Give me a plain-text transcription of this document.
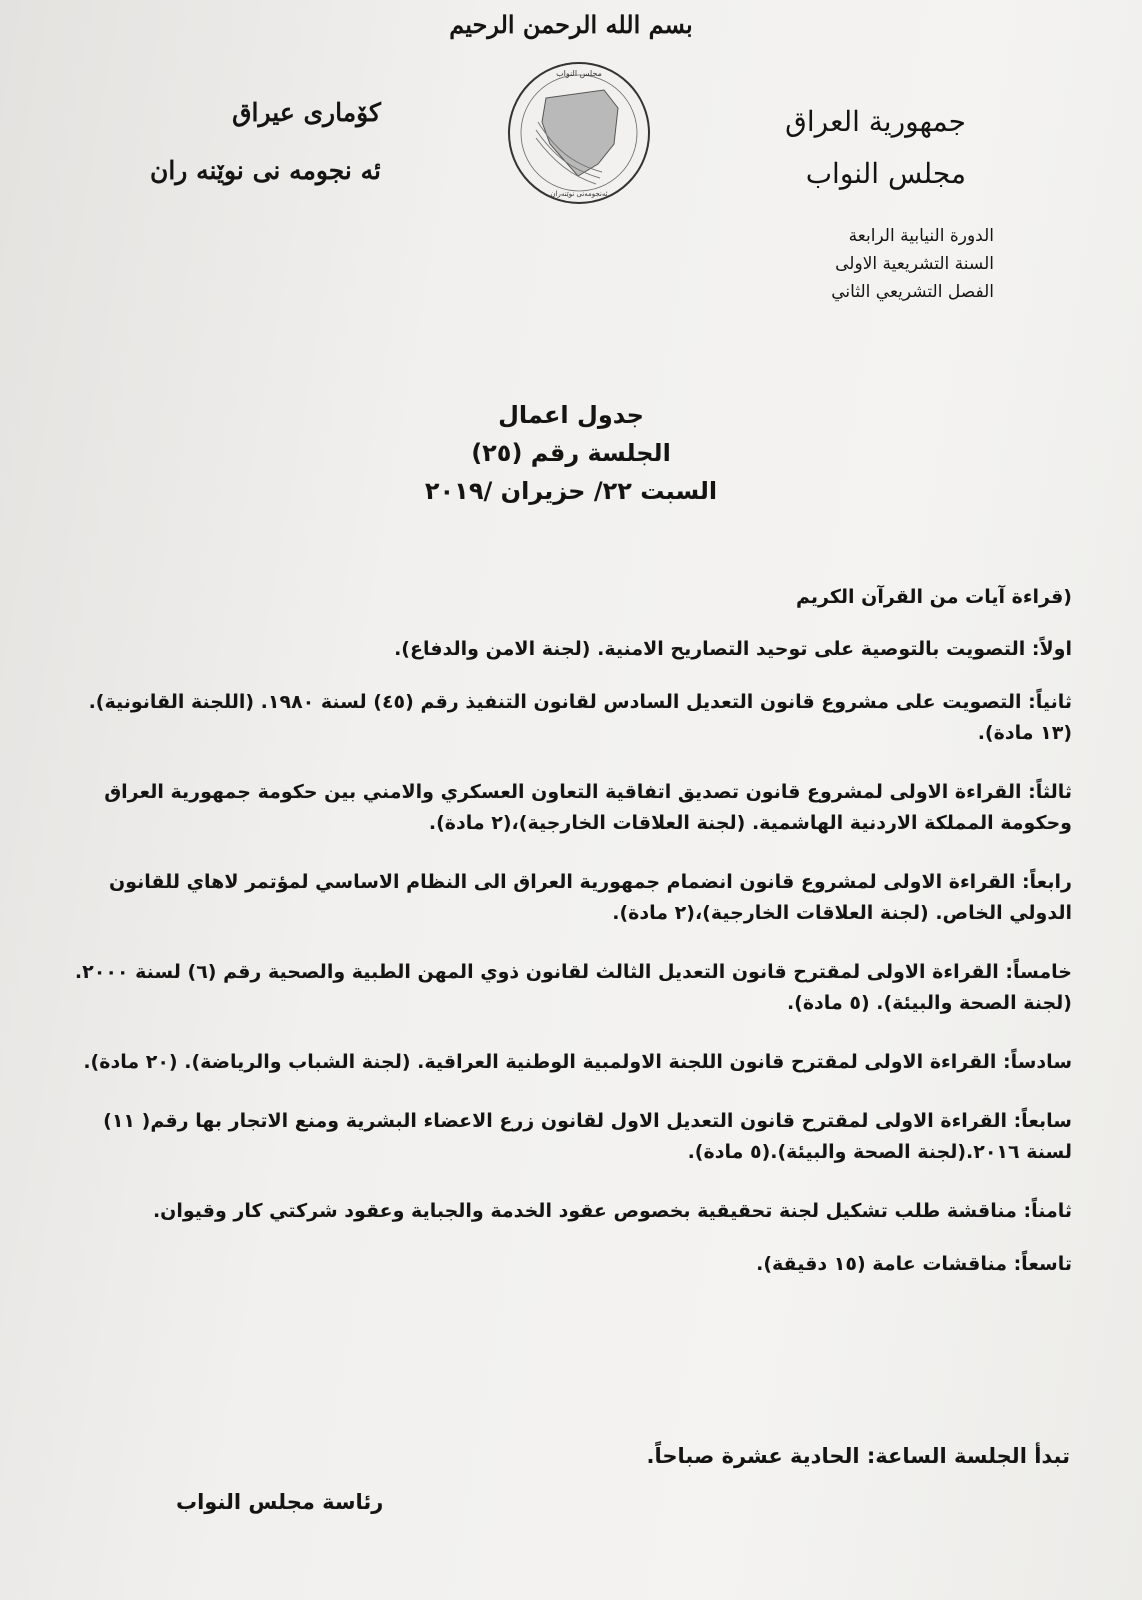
بسم الله الرحمن الرحيم
جمهورية العراق
مجلس النواب
كۆمارى عيراق
ئه نجومه نى نوێنه ران
مجلس النواب
ئەنجومەنی نوێنەران
الدورة النيابية الرابعة
السنة التشريعية الاولى
الفصل التشريعي الثاني
جدول اعمال
الجلسة رقم (٢٥)
السبت ٢٢/ حزيران /٢٠١٩
(قراءة آيات من القرآن الكريم
اولاً: التصويت بالتوصية على توحيد التصاريح الامنية. (لجنة الامن والدفاع).
ثانياً: التصويت على مشروع قانون التعديل السادس لقانون التنفيذ رقم (٤٥) لسنة ١٩٨٠. (اللجنة القانونية). (١٣ مادة).
ثالثاً: القراءة الاولى لمشروع قانون تصديق اتفاقية التعاون العسكري والامني بين حكومة جمهورية العراق وحكومة المملكة الاردنية الهاشمية. (لجنة العلاقات الخارجية)،(٢ مادة).
رابعاً: القراءة الاولى لمشروع قانون انضمام جمهورية العراق الى النظام الاساسي لمؤتمر لاهاي للقانون الدولي الخاص. (لجنة العلاقات الخارجية)،(٢ مادة).
خامساً: القراءة الاولى لمقترح قانون التعديل الثالث لقانون ذوي المهن الطبية والصحية رقم (٦) لسنة ٢٠٠٠. (لجنة الصحة والبيئة). (٥ مادة).
سادساً: القراءة الاولى لمقترح قانون اللجنة الاولمبية الوطنية العراقية. (لجنة الشباب والرياضة). (٢٠ مادة).
سابعاً: القراءة الاولى لمقترح قانون التعديل الاول لقانون زرع الاعضاء البشرية ومنع الاتجار بها رقم( ١١) لسنة ٢٠١٦.(لجنة الصحة والبيئة).(٥ مادة).
ثامناً: مناقشة طلب تشكيل لجنة تحقيقية بخصوص عقود الخدمة والجباية وعقود شركتي كار وقيوان.
تاسعاً: مناقشات عامة (١٥ دقيقة).
تبدأ الجلسة الساعة: الحادية عشرة صباحاً.
رئاسة مجلس النواب
